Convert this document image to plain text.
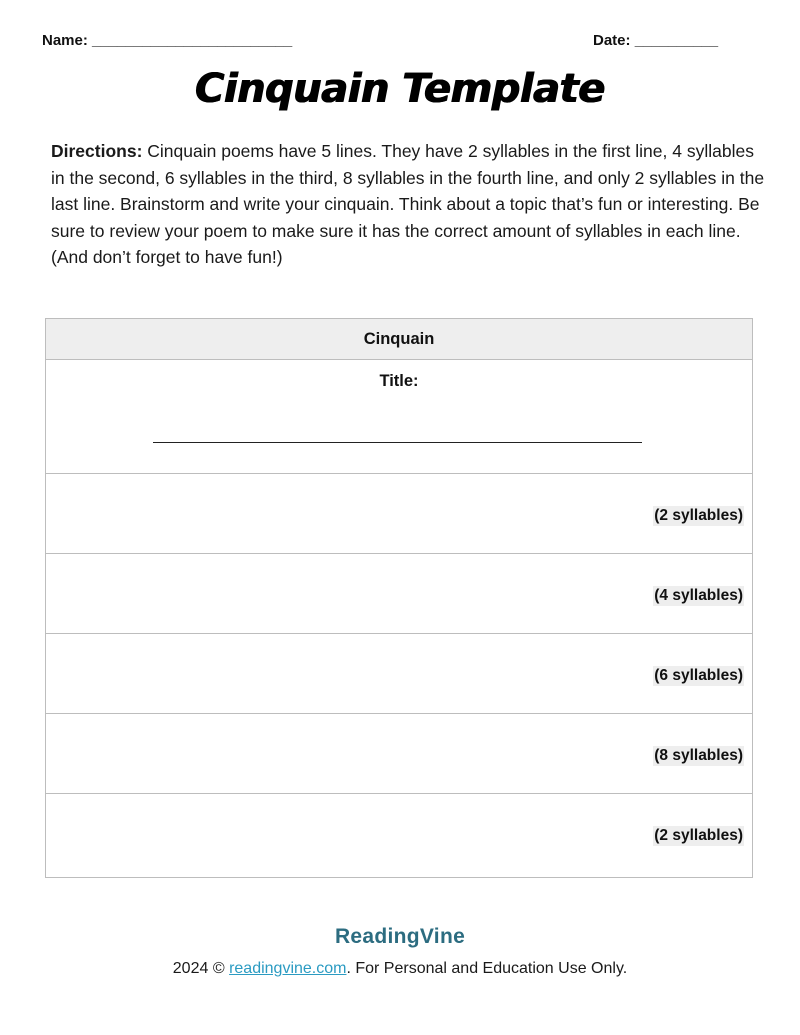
Name: ________________________	Date: __________
Cinquain Template
Directions: Cinquain poems have 5 lines. They have 2 syllables in the first line, 4 syllables in the second, 6 syllables in the third, 8 syllables in the fourth line, and only 2 syllables in the last line. Brainstorm and write your cinquain. Think about a topic that’s fun or interesting. Be sure to review your poem to make sure it has the correct amount of syllables in each line. (And don’t forget to have fun!)
Cinquain
Title:
(2 syllables)
(4 syllables)
(6 syllables)
(8 syllables)
(2 syllables)
ReadingVine
2024 © readingvine.com. For Personal and Education Use Only.
